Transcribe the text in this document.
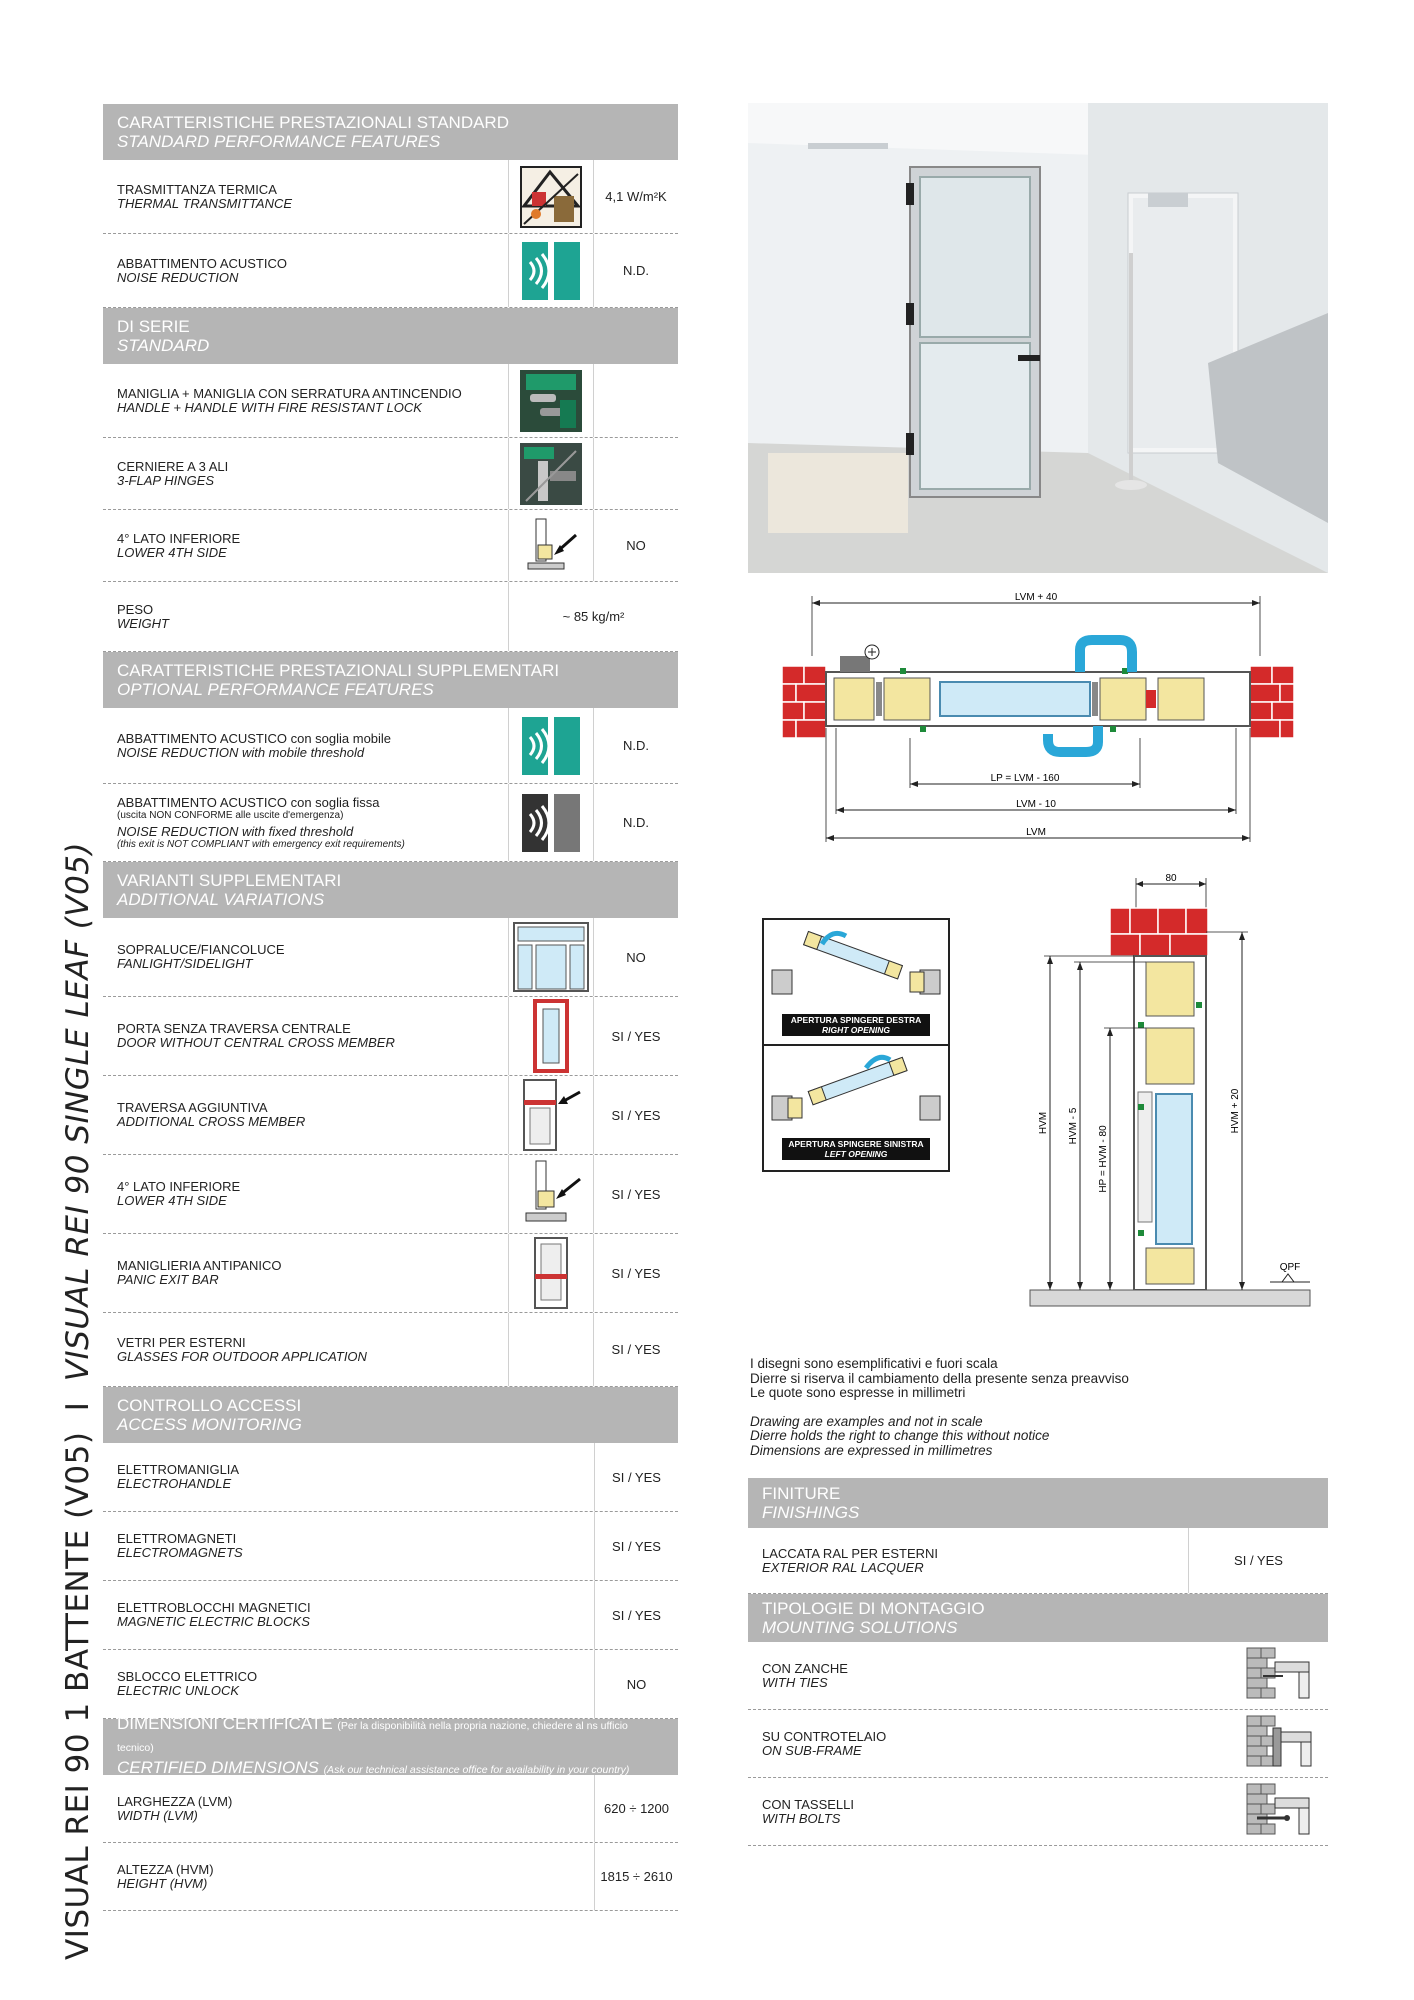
VISUAL REI 90 1 BATTENTE (V05) I VISUAL REI 90 SINGLE LEAF (V05)
CARATTERISTICHE PRESTAZIONALI STANDARD
STANDARD PERFORMANCE FEATURES
TRASMITTANZA TERMICA
THERMAL TRANSMITTANCE	4,1 W/m²K
ABBATTIMENTO ACUSTICO
NOISE REDUCTION	N.D.
DI SERIE
STANDARD
MANIGLIA + MANIGLIA CON SERRATURA ANTINCENDIO
HANDLE + HANDLE WITH FIRE RESISTANT LOCK
CERNIERE A 3 ALI
3-FLAP HINGES
4° LATO INFERIORE
LOWER 4TH SIDE	NO
PESO
WEIGHT	~ 85 kg/m²
CARATTERISTICHE PRESTAZIONALI SUPPLEMENTARI
OPTIONAL PERFORMANCE FEATURES
ABBATTIMENTO ACUSTICO con soglia mobile
NOISE REDUCTION with mobile threshold	N.D.
ABBATTIMENTO ACUSTICO con soglia fissa
(uscita NON CONFORME alle uscite d'emergenza)
NOISE REDUCTION with fixed threshold
(this exit is NOT COMPLIANT with emergency exit requirements)
N.D.
VARIANTI SUPPLEMENTARI
ADDITIONAL VARIATIONS
SOPRALUCE/FIANCOLUCE
FANLIGHT/SIDELIGHT	NO
PORTA SENZA TRAVERSA CENTRALE
DOOR WITHOUT CENTRAL CROSS MEMBER	SI / YES
TRAVERSA AGGIUNTIVA
ADDITIONAL CROSS MEMBER	SI / YES
4° LATO INFERIORE
LOWER 4TH SIDE	SI / YES
MANIGLIERIA ANTIPANICO
PANIC EXIT BAR	SI / YES
VETRI PER ESTERNI
GLASSES FOR OUTDOOR APPLICATION	SI / YES
CONTROLLO ACCESSI
ACCESS MONITORING
ELETTROMANIGLIA
ELECTROHANDLE	SI / YES
ELETTROMAGNETI
ELECTROMAGNETS	SI / YES
ELETTROBLOCCHI MAGNETICI
MAGNETIC ELECTRIC BLOCKS	SI / YES
SBLOCCO ELETTRICO
ELECTRIC UNLOCK	NO
DIMENSIONI CERTIFICATE (Per la disponibilità nella propria nazione, chiedere al ns ufficio tecnico)
CERTIFIED DIMENSIONS (Ask our technical assistance office for availability in your country)
LARGHEZZA (LVM)
WIDTH (LVM)	620 ÷ 1200
ALTEZZA (HVM)
HEIGHT (HVM)	1815 ÷ 2610
LVM + 40
LP = LVM - 160
LVM - 10
LVM
APERTURA SPINGERE DESTRA
RIGHT OPENING
APERTURA SPINGERE SINISTRA
LEFT OPENING
80
QPF
HVM HVM - 5 HP = HVM - 80
HVM + 20

I disegni sono esemplificativi e fuori scala
Dierre si riserva il cambiamento della presente senza preavviso
Le quote sono espresse in millimetri

Drawing are examples and not in scale
Dierre holds the right to change this without notice
Dimensions are expressed in millimetres

FINITURE
FINISHINGS
LACCATA RAL PER ESTERNI
EXTERIOR RAL LACQUER	SI / YES
TIPOLOGIE DI MONTAGGIO
MOUNTING SOLUTIONS
CON ZANCHE
WITH TIES
SU CONTROTELAIO
ON SUB-FRAME
CON TASSELLI
WITH BOLTS
